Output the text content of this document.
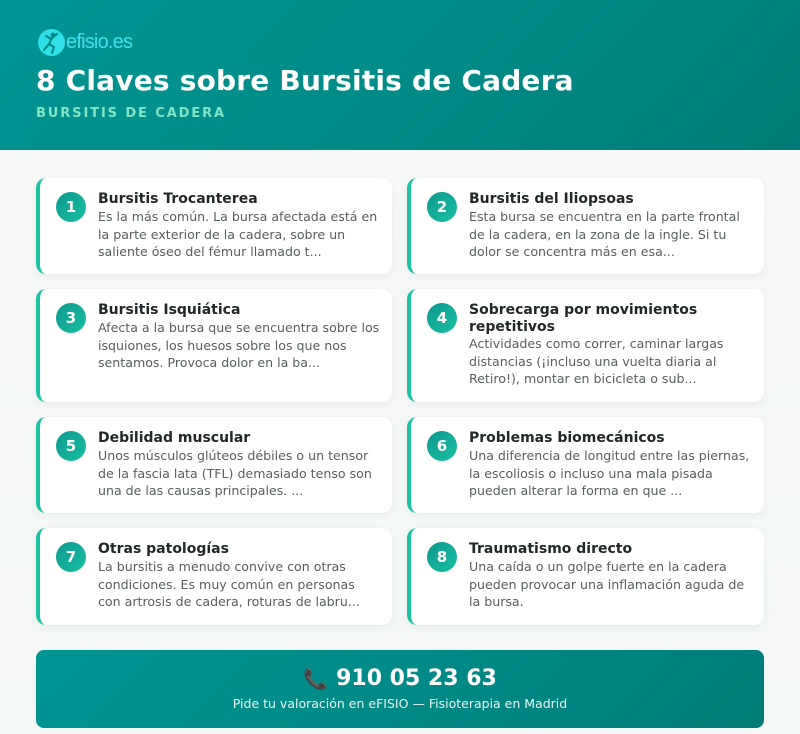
efisio.es
8 Claves sobre Bursitis de Cadera
BURSITIS DE CADERA
1	Bursitis Trocanterea
Es la más común. La bursa afectada está en la parte exterior de la cadera, sobre un saliente óseo del fémur llamado t...
2	Bursitis del Iliopsoas
Esta bursa se encuentra en la parte frontal de la cadera, en la zona de la ingle. Si tu dolor se concentra más en esa...
3	Bursitis Isquiática
Afecta a la bursa que se encuentra sobre los isquiones, los huesos sobre los que nos sentamos. Provoca dolor en la ba...
4	Sobrecarga por movimientos repetitivos
Actividades como correr, caminar largas distancias (¡incluso una vuelta diaria al Retiro!), montar en bicicleta o sub...
5	Debilidad muscular
Unos músculos glúteos débiles o un tensor de la fascia lata (TFL) demasiado tenso son una de las causas principales. ...
6	Problemas biomecánicos
Una diferencia de longitud entre las piernas, la escoliosis o incluso una mala pisada pueden alterar la forma en que ...
7	Otras patologías
La bursitis a menudo convive con otras condiciones. Es muy común en personas con artrosis de cadera, roturas de labru...
8	Traumatismo directo
Una caída o un golpe fuerte en la cadera pueden provocar una inflamación aguda de la bursa.
📞 910 05 23 63
Pide tu valoración en eFISIO — Fisioterapia en Madrid
